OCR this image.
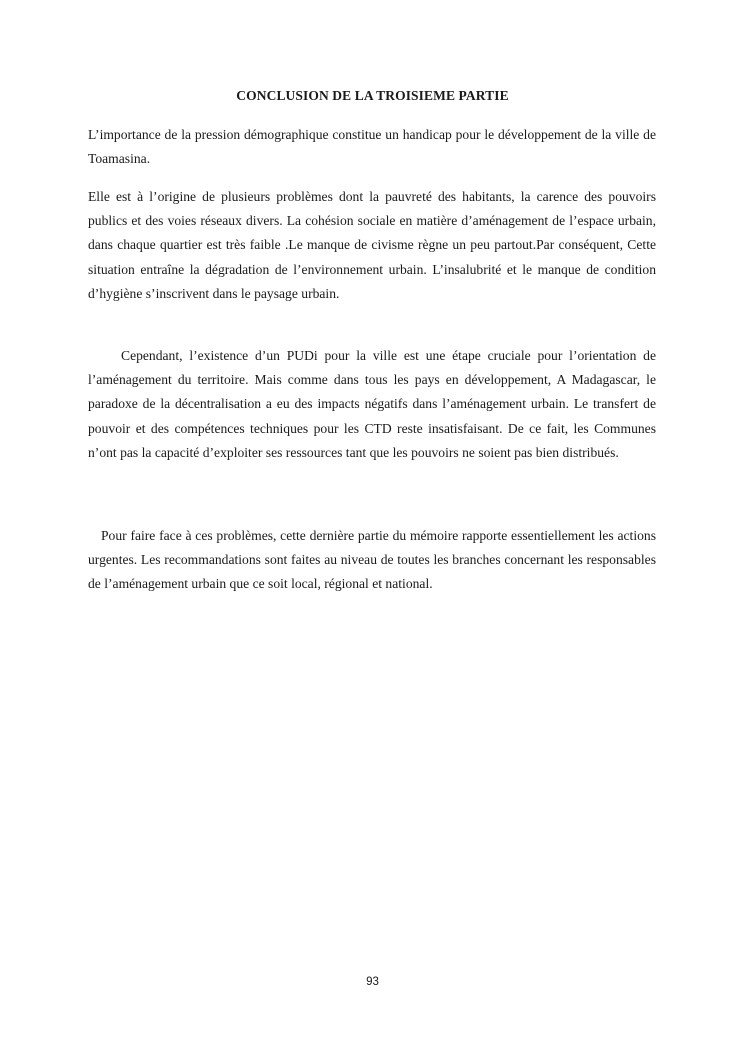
CONCLUSION DE LA TROISIEME PARTIE

L’importance de la pression démographique constitue un handicap pour le développement de la ville de Toamasina.

Elle est à l’origine de plusieurs problèmes dont la pauvreté des habitants, la carence des pouvoirs publics et des voies réseaux divers. La cohésion sociale en matière d’aménagement de l’espace urbain, dans chaque quartier est très faible .Le manque de civisme règne un peu partout.Par conséquent, Cette situation entraîne la dégradation de l’environnement urbain. L’insalubrité et le manque de condition d’hygiène s’inscrivent dans le paysage urbain.

Cependant, l’existence d’un PUDi pour la ville est une étape cruciale pour l’orientation de l’aménagement du territoire. Mais comme dans tous les pays en développement, A Madagascar, le paradoxe de la décentralisation a eu des impacts négatifs dans l’aménagement urbain. Le transfert de pouvoir et des compétences techniques pour les CTD reste insatisfaisant. De ce fait, les Communes n’ont pas la capacité d’exploiter ses ressources tant que les pouvoirs ne soient pas bien distribués.

Pour faire face à ces problèmes, cette dernière partie du mémoire rapporte essentiellement les actions urgentes. Les recommandations sont faites au niveau de toutes les branches concernant les responsables de l’aménagement urbain que ce soit local, régional et national.

93
